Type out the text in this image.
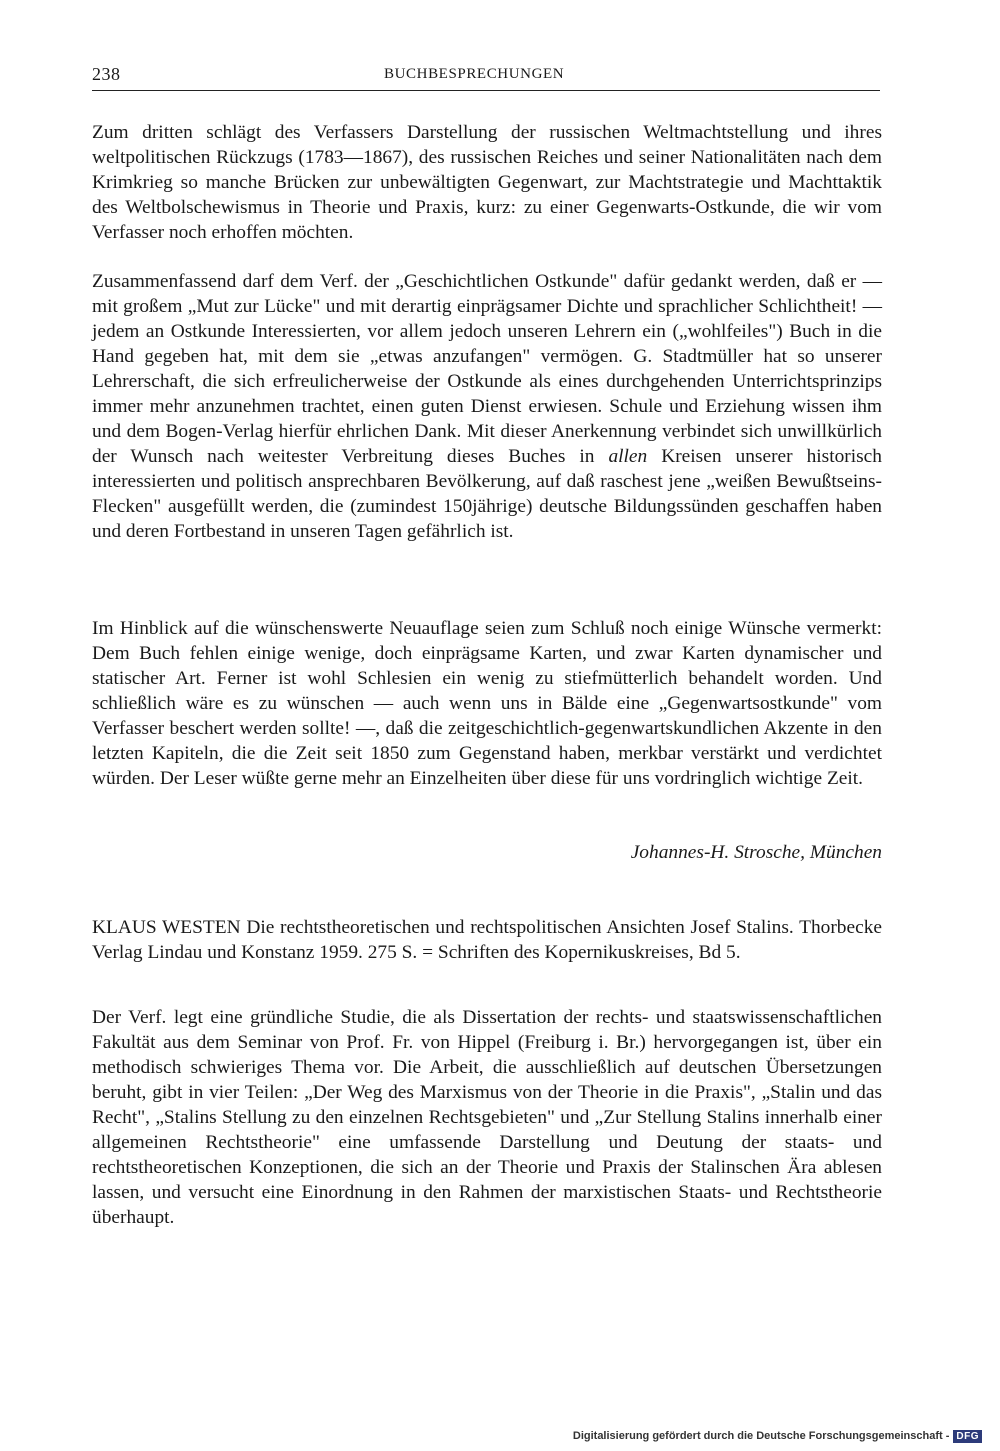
238	BUCHBESPRECHUNGEN

Zum dritten schlägt des Verfassers Darstellung der russischen Weltmachtstellung und ihres weltpolitischen Rückzugs (1783—1867), des russischen Reiches und seiner Nationalitäten nach dem Krimkrieg so manche Brücken zur unbewältigten Gegenwart, zur Machtstrategie und Machttaktik des Weltbolschewismus in Theorie und Praxis, kurz: zu einer Gegenwarts-Ostkunde, die wir vom Verfasser noch erhoffen möchten.

Zusammenfassend darf dem Verf. der „Geschichtlichen Ostkunde" dafür gedankt werden, daß er — mit großem „Mut zur Lücke" und mit derartig einprägsamer Dichte und sprachlicher Schlichtheit! — jedem an Ostkunde Interessierten, vor allem jedoch unseren Lehrern ein („wohlfeiles") Buch in die Hand gegeben hat, mit dem sie „etwas anzufangen" vermögen. G. Stadtmüller hat so unserer Lehrerschaft, die sich erfreulicherweise der Ostkunde als eines durchgehenden Unterrichtsprinzips immer mehr anzunehmen trachtet, einen guten Dienst erwiesen. Schule und Erziehung wissen ihm und dem Bogen-Verlag hierfür ehrlichen Dank. Mit dieser Anerkennung verbindet sich unwillkürlich der Wunsch nach weitester Verbreitung dieses Buches in allen Kreisen unserer historisch interessierten und politisch ansprechbaren Bevölkerung, auf daß raschest jene „weißen Bewußtseins-Flecken" ausgefüllt werden, die (zumindest 150jährige) deutsche Bildungssünden geschaffen haben und deren Fortbestand in unseren Tagen gefährlich ist.

Im Hinblick auf die wünschenswerte Neuauflage seien zum Schluß noch einige Wünsche vermerkt: Dem Buch fehlen einige wenige, doch einprägsame Karten, und zwar Karten dynamischer und statischer Art. Ferner ist wohl Schlesien ein wenig zu stiefmütterlich behandelt worden. Und schließlich wäre es zu wünschen — auch wenn uns in Bälde eine „Gegenwartsostkunde" vom Verfasser beschert werden sollte! —, daß die zeitgeschichtlich-gegenwartskundlichen Akzente in den letzten Kapiteln, die die Zeit seit 1850 zum Gegenstand haben, merkbar verstärkt und verdichtet würden. Der Leser wüßte gerne mehr an Einzelheiten über diese für uns vordringlich wichtige Zeit.

Johannes-H. Strosche, München

KLAUS WESTEN Die rechtstheoretischen und rechtspolitischen Ansichten Josef Stalins. Thorbecke Verlag Lindau und Konstanz 1959. 275 S. = Schriften des Kopernikuskreises, Bd 5.

Der Verf. legt eine gründliche Studie, die als Dissertation der rechts- und staatswissenschaftlichen Fakultät aus dem Seminar von Prof. Fr. von Hippel (Freiburg i. Br.) hervorgegangen ist, über ein methodisch schwieriges Thema vor. Die Arbeit, die ausschließlich auf deutschen Übersetzungen beruht, gibt in vier Teilen: „Der Weg des Marxismus von der Theorie in die Praxis", „Stalin und das Recht", „Stalins Stellung zu den einzelnen Rechtsgebieten" und „Zur Stellung Stalins innerhalb einer allgemeinen Rechtstheorie" eine umfassende Darstellung und Deutung der staats- und rechtstheoretischen Konzeptionen, die sich an der Theorie und Praxis der Stalinschen Ära ablesen lassen, und versucht eine Einordnung in den Rahmen der marxistischen Staats- und Rechtstheorie überhaupt.

Digitalisierung gefördert durch die Deutsche Forschungsgemeinschaft - DFG
